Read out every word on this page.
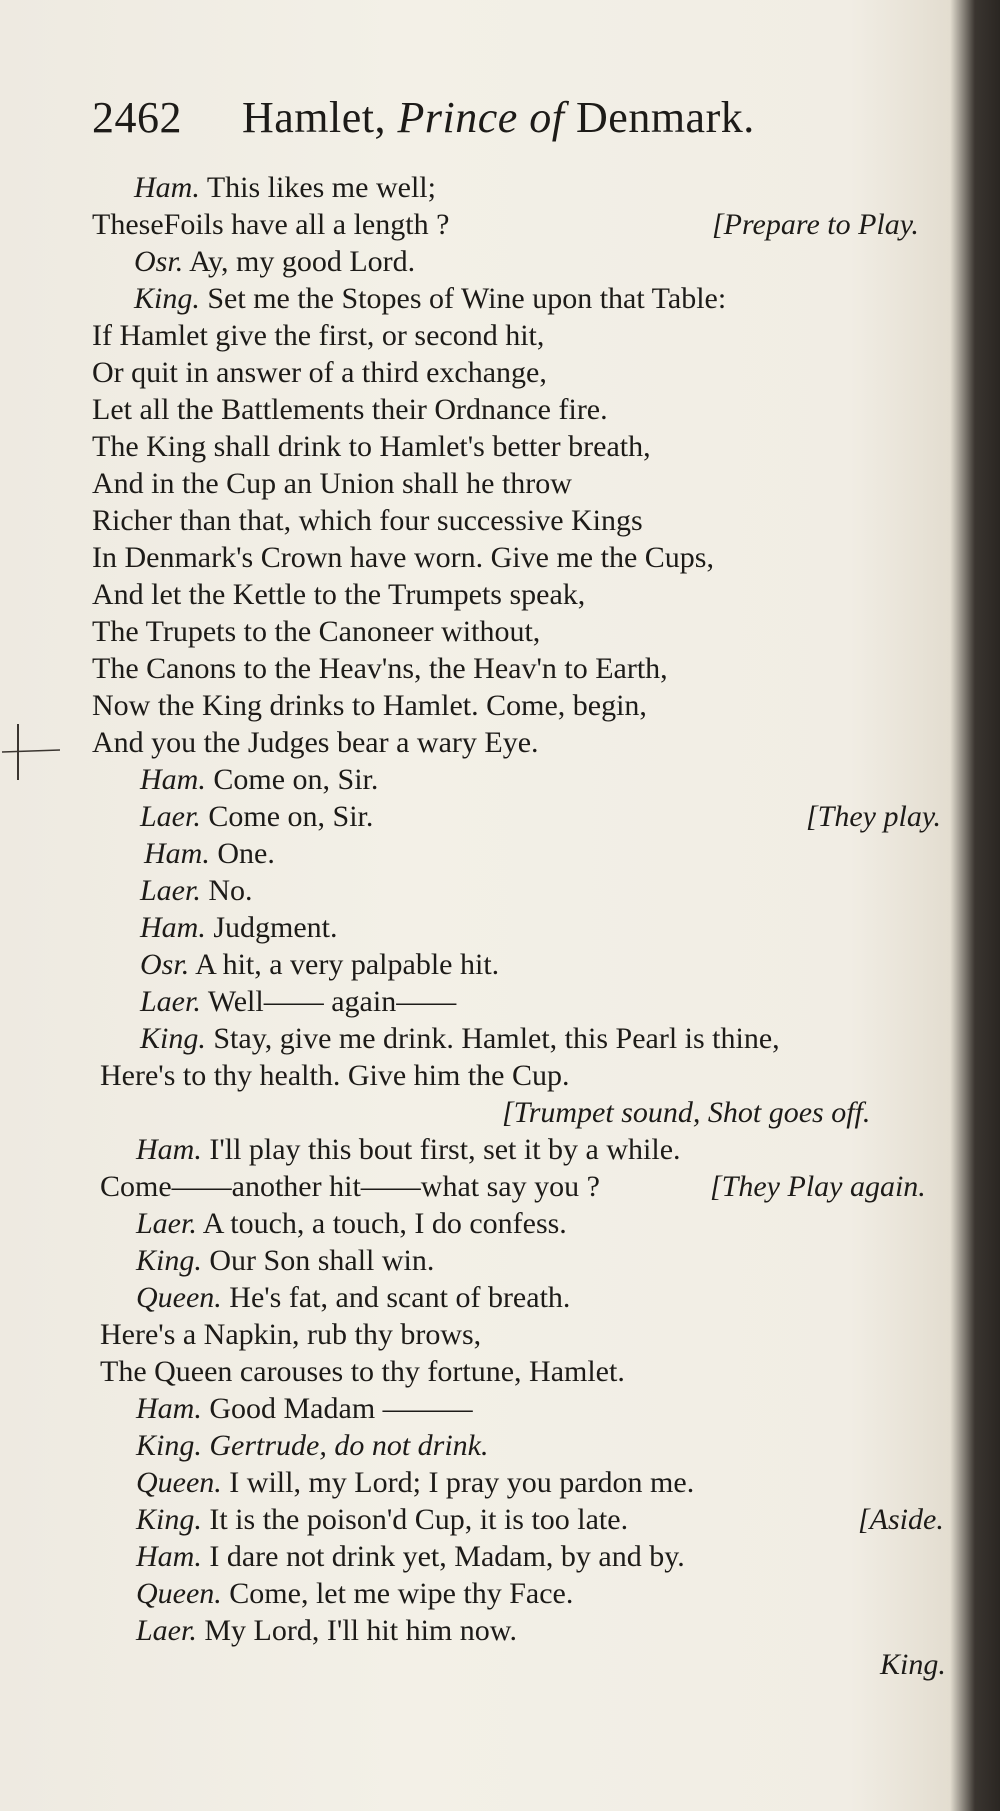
2462 Hamlet, Prince of Denmark.
Ham. This likes me well;
TheseFoils have all a length ?
Osr. Ay, my good Lord.
King. Set me the Stopes of Wine upon that Table:
If Hamlet give the first, or second hit,
Or quit in answer of a third exchange,
Let all the Battlements their Ordnance fire.
The King shall drink to Hamlet's better breath,
And in the Cup an Union shall he throw
Richer than that, which four successive Kings
In Denmark's Crown have worn. Give me the Cups,
And let the Kettle to the Trumpets speak,
The Trupets to the Canoneer without,
The Canons to the Heav'ns, the Heav'n to Earth,
Now the King drinks to Hamlet. Come, begin,
And you the Judges bear a wary Eye.
Ham. Come on, Sir.
Laer. Come on, Sir.
Ham. One.
Laer. No.
Ham. Judgment.
Osr. A hit, a very palpable hit.
Laer. Well—— again——
King. Stay, give me drink. Hamlet, this Pearl is thine,
Here's to thy health. Give him the Cup.
Ham. I'll play this bout first, set it by a while.
Come——another hit——what say you ?
Laer. A touch, a touch, I do confess.
King. Our Son shall win.
Queen. He's fat, and scant of breath.
Here's a Napkin, rub thy brows,
The Queen carouses to thy fortune, Hamlet.
Ham. Good Madam ———
King. Gertrude, do not drink.
Queen. I will, my Lord; I pray you pardon me.
King. It is the poison'd Cup, it is too late.
Ham. I dare not drink yet, Madam, by and by.
Queen. Come, let me wipe thy Face.
Laer. My Lord, I'll hit him now.
[Prepare to Play.
[They play.
[Trumpet sound, Shot goes off.
[They Play again.
[Aside.
King.
